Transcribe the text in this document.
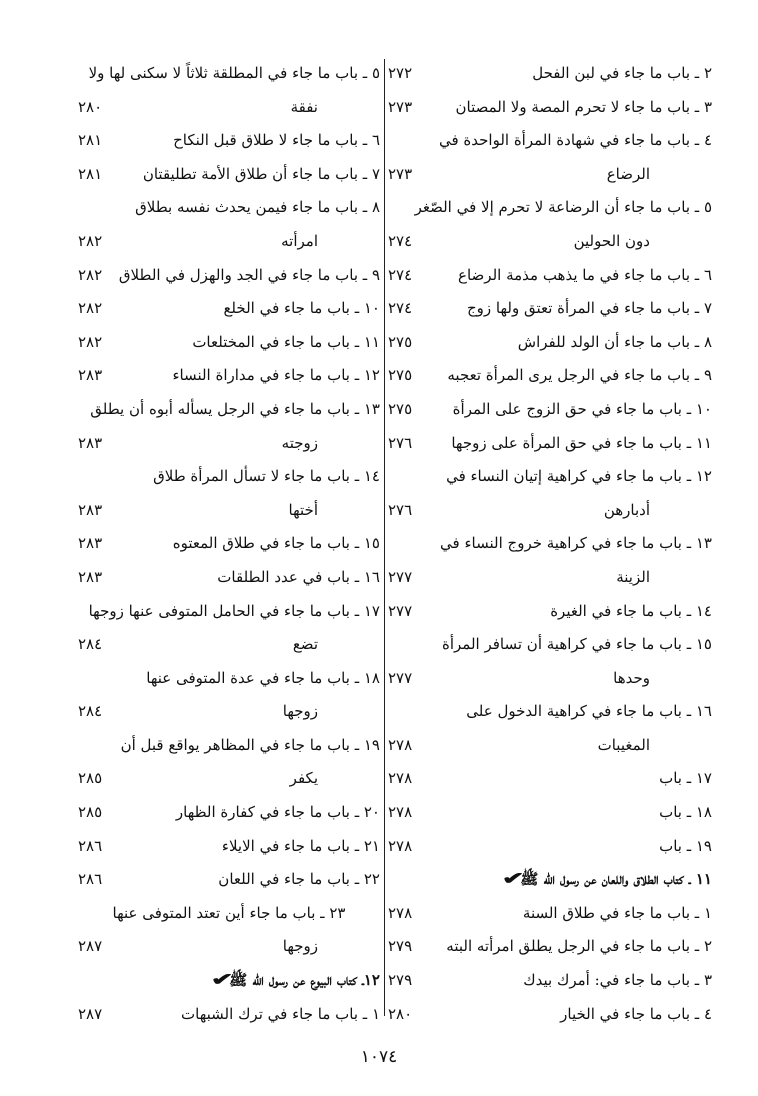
٢ ـ باب ما جاء في لبن الفحل
٢٧٢
٣ ـ باب ما جاء لا تحرم المصة ولا المصتان
٢٧٣
٤ ـ باب ما جاء في شهادة المرأة الواحدة في
الرضاع
٢٧٣
٥ ـ باب ما جاء أن الرضاعة لا تحرم إلا في الصّغر
دون الحولين
٢٧٤
٦ ـ باب ما جاء في ما يذهب مذمة الرضاع
٢٧٤
٧ ـ باب ما جاء في المرأة تعتق ولها زوج
٢٧٤
٨ ـ باب ما جاء أن الولد للفراش
٢٧٥
٩ ـ باب ما جاء في الرجل يرى المرأة تعجبه
٢٧٥
١٠ ـ باب ما جاء في حق الزوج على المرأة
٢٧٥
١١ ـ باب ما جاء في حق المرأة على زوجها
٢٧٦
١٢ ـ باب ما جاء في كراهية إتيان النساء في
أدبارهن
٢٧٦
١٣ ـ باب ما جاء في كراهية خروج النساء في
الزينة
٢٧٧
١٤ ـ باب ما جاء في الغيرة
٢٧٧
١٥ ـ باب ما جاء في كراهية أن تسافر المرأة
وحدها
٢٧٧
١٦ ـ باب ما جاء في كراهية الدخول على
المغيبات
٢٧٨
١٧ ـ باب
٢٧٨
١٨ ـ باب
٢٧٨
١٩ ـ باب
٢٧٨
١١ ـ كتاب الطلاق واللعان عن رسول الله ﷺ✔
١ ـ باب ما جاء في طلاق السنة
٢٧٨
٢ ـ باب ما جاء في الرجل يطلق امرأته البته
٢٧٩
٣ ـ باب ما جاء في: أمرك بيدك
٢٧٩
٤ ـ باب ما جاء في الخيار
٢٨٠
٥ ـ باب ما جاء في المطلقة ثلاثاً لا سكنى لها ولا
نفقة
٢٨٠
٦ ـ باب ما جاء لا طلاق قبل النكاح
٢٨١
٧ ـ باب ما جاء أن طلاق الأمة تطليقتان
٢٨١
٨ ـ باب ما جاء فيمن يحدث نفسه بطلاق
امرأته
٢٨٢
٩ ـ باب ما جاء في الجد والهزل في الطلاق
٢٨٢
١٠ ـ باب ما جاء في الخلع
٢٨٢
١١ ـ باب ما جاء في المختلعات
٢٨٢
١٢ ـ باب ما جاء في مداراة النساء
٢٨٣
١٣ ـ باب ما جاء في الرجل يسأله أبوه أن يطلق
زوجته
٢٨٣
١٤ ـ باب ما جاء لا تسأل المرأة طلاق
أختها
٢٨٣
١٥ ـ باب ما جاء في طلاق المعتوه
٢٨٣
١٦ ـ باب في عدد الطلقات
٢٨٣
١٧ ـ باب ما جاء في الحامل المتوفى عنها زوجها
تضع
٢٨٤
١٨ ـ باب ما جاء في عدة المتوفى عنها
زوجها
٢٨٤
١٩ ـ باب ما جاء في المظاهر يواقع قبل أن
يكفر
٢٨٥
٢٠ ـ باب ما جاء في كفارة الظهار
٢٨٥
٢١ ـ باب ما جاء في الايلاء
٢٨٦
٢٢ ـ باب ما جاء في اللعان
٢٨٦
٢٣ ـ باب ما جاء أين تعتد المتوفى عنها
زوجها
٢٨٧
١٢ـ كتاب البيوع عن رسول الله ﷺ✔
١ ـ باب ما جاء في ترك الشبهات
٢٨٧
١٠٧٤
